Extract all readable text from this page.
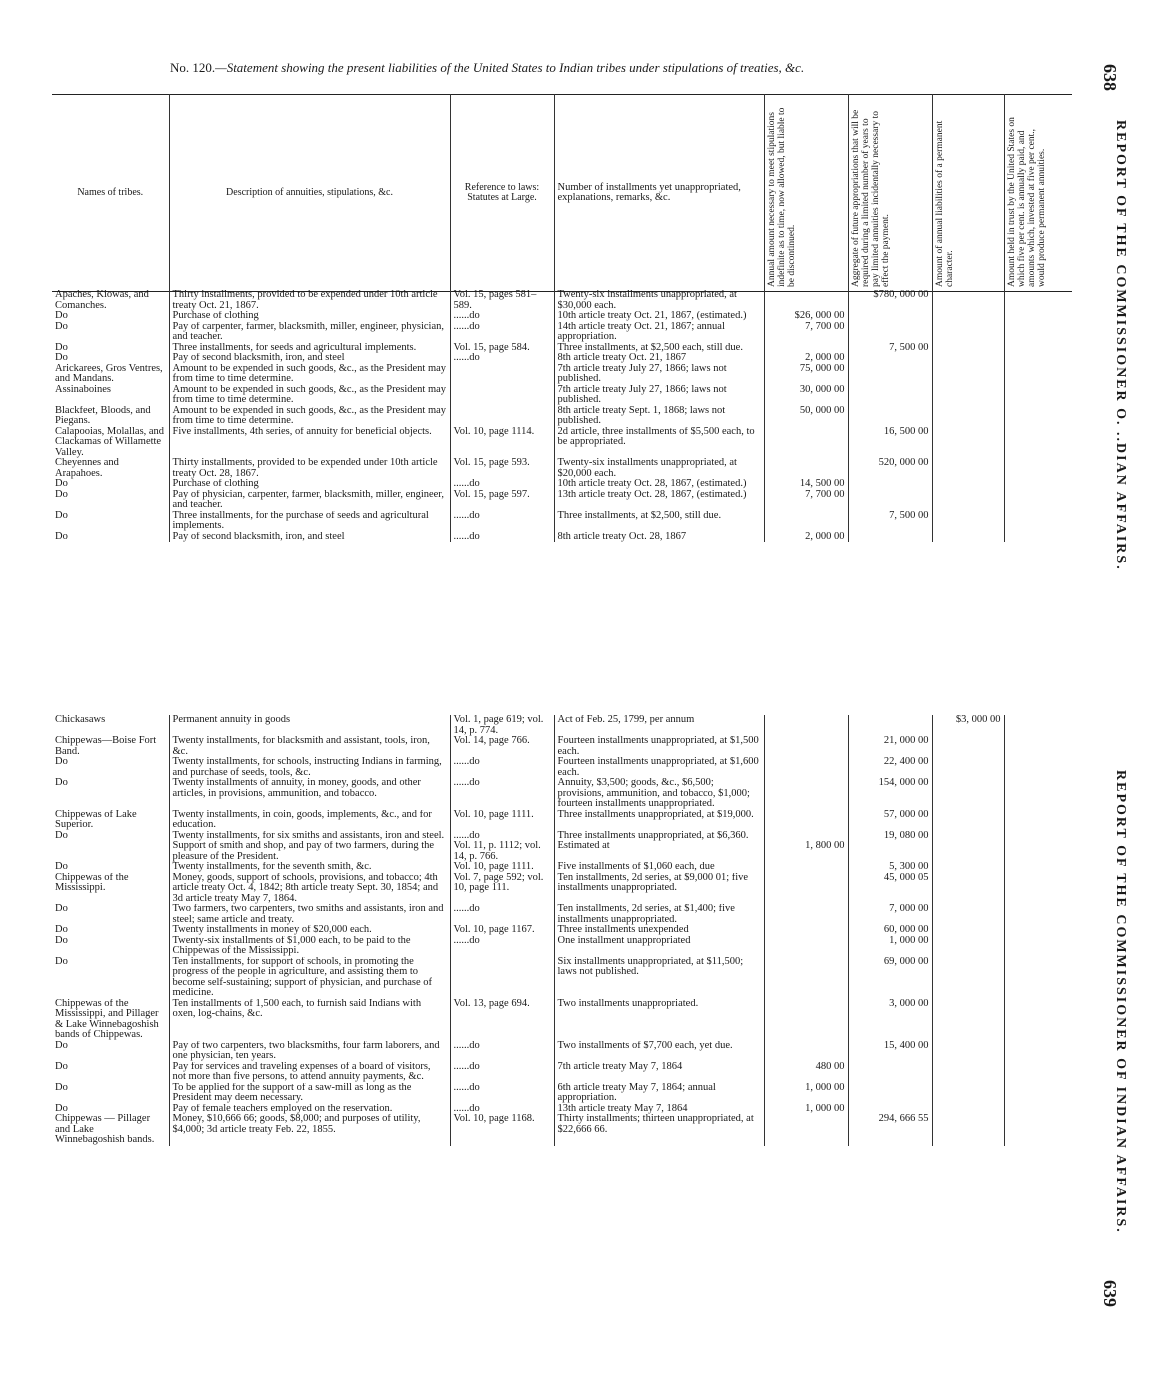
No. 120.—Statement showing the present liabilities of the United States to Indian tribes under stipulations of treaties, &c.	638
REPORT OF THE COMMISSIONER O. ..DIAN AFFAIRS.
REPORT OF THE COMMISSIONER OF INDIAN AFFAIRS.
639
Names of tribes.	Description of annuities, stipulations, &c.	Reference to laws: Statutes at Large.	Number of installments yet unappropriated, explanations, remarks, &c.	Annual amount necessary to meet stipulations indefinite as to time, now allowed, but liable to be discontinued.	Aggregate of future appropriations that will be required during a limited number of years to pay limited annuities incidentally necessary to effect the payment.	Amount of annual liabilities of a permanent character.	Amount held in trust by the United States on which five per cent. is annually paid, and amounts which, invested at five per cent., would produce permanent annuities.
Apaches, Kiowas, and Comanches.	Thirty installments, provided to be expended under 10th article treaty Oct. 21, 1867.	Vol. 15, pages 581–589.	Twenty-six installments unappropriated, at $30,000 each.		$780, 000 00		
Do	Purchase of clothing	......do	10th article treaty Oct. 21, 1867, (estimated.)	$26, 000 00			
Do	Pay of carpenter, farmer, blacksmith, miller, engineer, physician, and teacher.	......do	14th article treaty Oct. 21, 1867; annual appropriation.	7, 700 00			
Do	Three installments, for seeds and agricultural implements.	Vol. 15, page 584.	Three installments, at $2,500 each, still due.		7, 500 00		
Do	Pay of second blacksmith, iron, and steel	......do	8th article treaty Oct. 21, 1867	2, 000 00			
Arickarees, Gros Ventres, and Mandans.	Amount to be expended in such goods, &c., as the President may from time to time determine.		7th article treaty July 27, 1866; laws not published.	75, 000 00			
Assinaboines	Amount to be expended in such goods, &c., as the President may from time to time determine.		7th article treaty July 27, 1866; laws not published.	30, 000 00			
Blackfeet, Bloods, and Piegans.	Amount to be expended in such goods, &c., as the President may from time to time determine.		8th article treaty Sept. 1, 1868; laws not published.	50, 000 00			
Calapooias, Molallas, and Clackamas of Willamette Valley.	Five installments, 4th series, of annuity for beneficial objects.	Vol. 10, page 1114.	2d article, three installments of $5,500 each, to be appropriated.		16, 500 00		
Cheyennes and Arapahoes.	Thirty installments, provided to be expended under 10th article treaty Oct. 28, 1867.	Vol. 15, page 593.	Twenty-six installments unappropriated, at $20,000 each.		520, 000 00		
Do	Purchase of clothing	......do	10th article treaty Oct. 28, 1867, (estimated.)	14, 500 00			
Do	Pay of physician, carpenter, farmer, blacksmith, miller, engineer, and teacher.	Vol. 15, page 597.	13th article treaty Oct. 28, 1867, (estimated.)	7, 700 00			
Do	Three installments, for the purchase of seeds and agricultural implements.	......do	Three installments, at $2,500, still due.		7, 500 00		
Do	Pay of second blacksmith, iron, and steel	......do	8th article treaty Oct. 28, 1867	2, 000 00			
Chickasaws	Permanent annuity in goods	Vol. 1, page 619; vol. 14, p. 774.	Act of Feb. 25, 1799, per annum			$3, 000 00	
Chippewas—Boise Fort Band.	Twenty installments, for blacksmith and assistant, tools, iron, &c.	Vol. 14, page 766.	Fourteen installments unappropriated, at $1,500 each.		21, 000 00		
Do	Twenty installments, for schools, instructing Indians in farming, and purchase of seeds, tools, &c.	......do	Fourteen installments unappropriated, at $1,600 each.		22, 400 00		
Do	Twenty installments of annuity, in money, goods, and other articles, in provisions, ammunition, and tobacco.	......do	Annuity, $3,500; goods, &c., $6,500; provisions, ammunition, and tobacco, $1,000; fourteen installments unappropriated.		154, 000 00		
Chippewas of Lake Superior.	Twenty installments, in coin, goods, implements, &c., and for education.	Vol. 10, page 1111.	Three installments unappropriated, at $19,000.		57, 000 00		
Do	Twenty installments, for six smiths and assistants, iron and steel.	......do	Three installments unappropriated, at $6,360.		19, 080 00		
	Support of smith and shop, and pay of two farmers, during the pleasure of the President.	Vol. 11, p. 1112; vol. 14, p. 766.	Estimated at	1, 800 00			
Do	Twenty installments, for the seventh smith, &c.	Vol. 10, page 1111.	Five installments of $1,060 each, due		5, 300 00		
Chippewas of the Mississippi.	Money, goods, support of schools, provisions, and tobacco; 4th article treaty Oct. 4, 1842; 8th article treaty Sept. 30, 1854; and 3d article treaty May 7, 1864.	Vol. 7, page 592; vol. 10, page 111.	Ten installments, 2d series, at $9,000 01; five installments unappropriated.		45, 000 05		
Do	Two farmers, two carpenters, two smiths and assistants, iron and steel; same article and treaty.	......do	Ten installments, 2d series, at $1,400; five installments unappropriated.		7, 000 00		
Do	Twenty installments in money of $20,000 each.	Vol. 10, page 1167.	Three installments unexpended		60, 000 00		
Do	Twenty-six installments of $1,000 each, to be paid to the Chippewas of the Mississippi.	......do	One installment unappropriated		1, 000 00		
Do	Ten installments, for support of schools, in promoting the progress of the people in agriculture, and assisting them to become self-sustaining; support of physician, and purchase of medicine.		Six installments unappropriated, at $11,500; laws not published.		69, 000 00		
Chippewas of the Mississippi, and Pillager & Lake Winnebagoshish bands of Chippewas.	Ten installments of 1,500 each, to furnish said Indians with oxen, log-chains, &c.	Vol. 13, page 694.	Two installments unappropriated.		3, 000 00		
Do	Pay of two carpenters, two blacksmiths, four farm laborers, and one physician, ten years.	......do	Two installments of $7,700 each, yet due.		15, 400 00		
Do	Pay for services and traveling expenses of a board of visitors, not more than five persons, to attend annuity payments, &c.	......do	7th article treaty May 7, 1864	480 00			
Do	To be applied for the support of a saw-mill as long as the President may deem necessary.	......do	6th article treaty May 7, 1864; annual appropriation.	1, 000 00			
Do	Pay of female teachers employed on the reservation.	......do	13th article treaty May 7, 1864	1, 000 00			
Chippewas — Pillager and Lake Winnebagoshish bands.	Money, $10,666 66; goods, $8,000; and purposes of utility, $4,000; 3d article treaty Feb. 22, 1855.	Vol. 10, page 1168.	Thirty installments; thirteen unappropriated, at $22,666 66.		294, 666 55		
